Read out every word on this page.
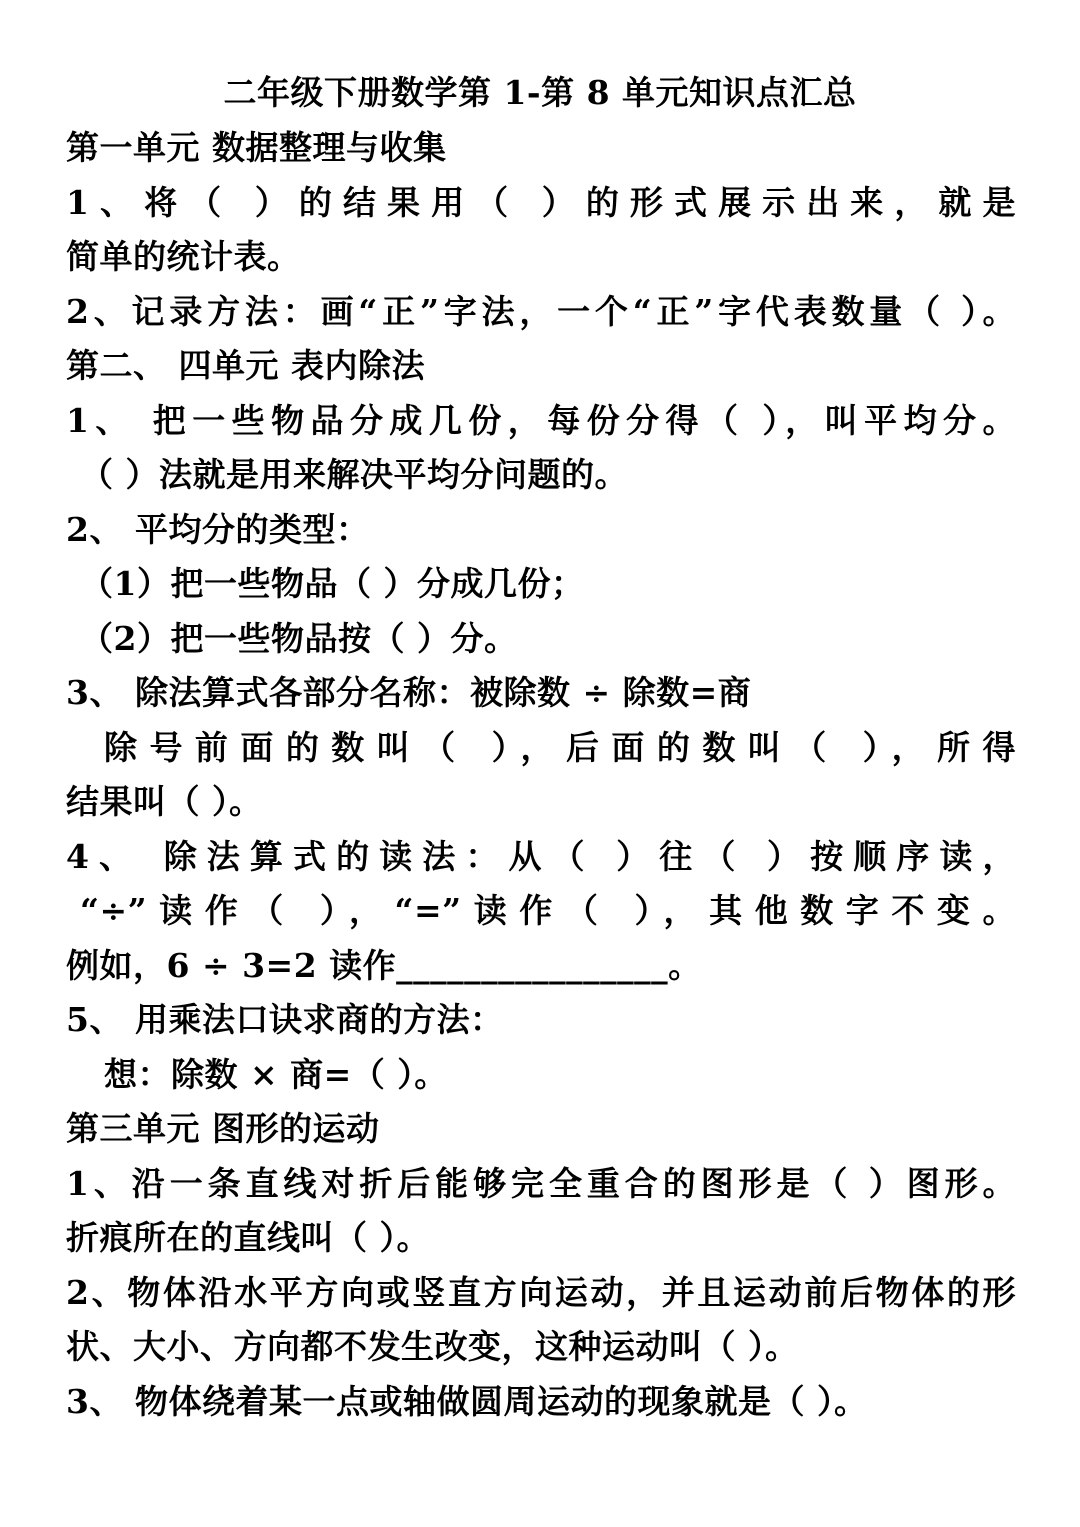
二年级下册数学第 1-第 8 单元知识点汇总
第一单元 数据整理与收集
1、将（ ）的结果用（ ）的形式展示出来，就是
简单的统计表。
2、记录方法：画“正”字法，一个“正”字代表数量（ ）。
第二、 四单元 表内除法
1、 把一些物品分成几份，每份分得（ ），叫平均分。
（ ）法就是用来解决平均分问题的。
2、 平均分的类型：
（1）把一些物品（ ）分成几份；
（2）把一些物品按（ ）分。
3、 除法算式各部分名称：被除数 ÷ 除数=商
除号前面的数叫（ ），后面的数叫（ ），所得
结果叫（ ）。
4、 除法算式的读法：从（ ）往（ ）按顺序读，
“÷”读作（ ），“=”读作（ ），其他数字不变。
例如，6 ÷ 3=2 读作________________。
5、 用乘法口诀求商的方法：
想：除数 × 商=（ ）。
第三单元 图形的运动
1、沿一条直线对折后能够完全重合的图形是（ ）图形。
折痕所在的直线叫（ ）。
2、物体沿水平方向或竖直方向运动，并且运动前后物体的形
状、大小、方向都不发生改变，这种运动叫（ ）。
3、 物体绕着某一点或轴做圆周运动的现象就是（ ）。
